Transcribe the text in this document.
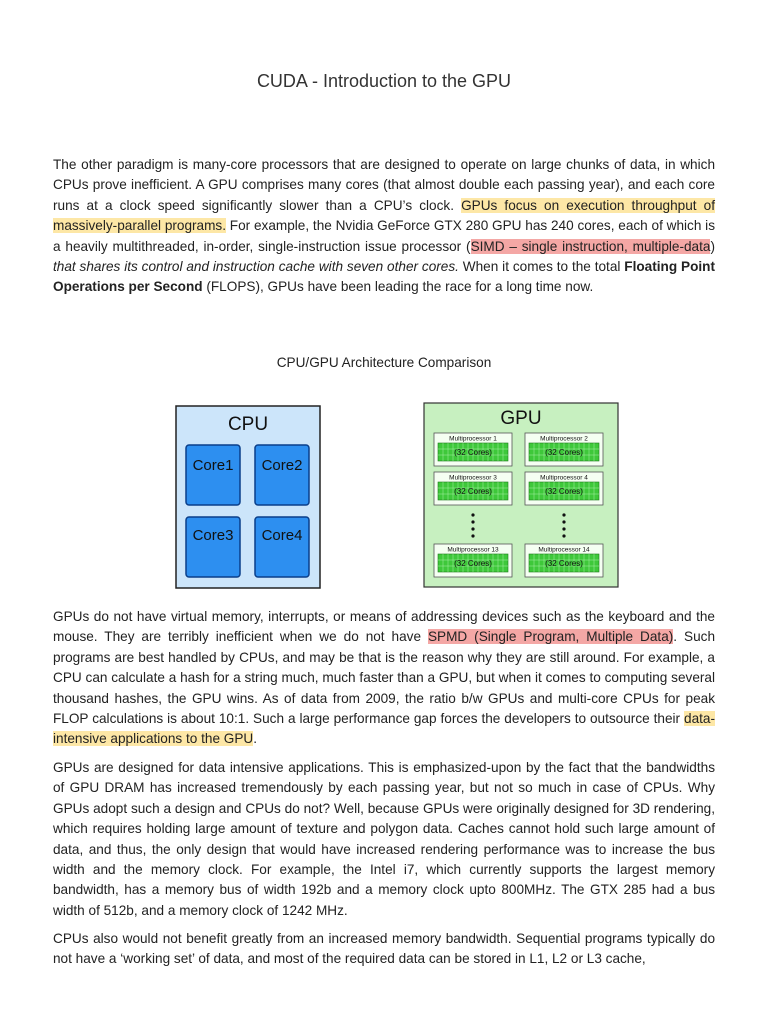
CUDA - Introduction to the GPU

The other paradigm is many-core processors that are designed to operate on large chunks of data, in which CPUs prove inefficient. A GPU comprises many cores (that almost double each passing year), and each core runs at a clock speed significantly slower than a CPU’s clock. GPUs focus on execution throughput of massively-parallel programs. For example, the Nvidia GeForce GTX 280 GPU has 240 cores, each of which is a heavily multithreaded, in-order, single-instruction issue processor (SIMD – single instruction, multiple-data) that shares its control and instruction cache with seven other cores. When it comes to the total Floating Point Operations per Second (FLOPS), GPUs have been leading the race for a long time now.

CPU/GPU Architecture Comparison
CPU
Core1 Core2
Core3 Core4
GPU
Multiprocessor 1
(32 Cores)
Multiprocessor 2
(32 Cores)
Multiprocessor 3
(32 Cores)
Multiprocessor 4
(32 Cores)
Multiprocessor 13
(32 Cores)
Multiprocessor 14
(32 Cores)

GPUs do not have virtual memory, interrupts, or means of addressing devices such as the keyboard and the mouse. They are terribly inefficient when we do not have SPMD (Single Program, Multiple Data). Such programs are best handled by CPUs, and may be that is the reason why they are still around. For example, a CPU can calculate a hash for a string much, much faster than a GPU, but when it comes to computing several thousand hashes, the GPU wins. As of data from 2009, the ratio b/w GPUs and multi-core CPUs for peak FLOP calculations is about 10:1. Such a large performance gap forces the developers to outsource their data-intensive applications to the GPU.

GPUs are designed for data intensive applications. This is emphasized-upon by the fact that the bandwidths of GPU DRAM has increased tremendously by each passing year, but not so much in case of CPUs. Why GPUs adopt such a design and CPUs do not? Well, because GPUs were originally designed for 3D rendering, which requires holding large amount of texture and polygon data. Caches cannot hold such large amount of data, and thus, the only design that would have increased rendering performance was to increase the bus width and the memory clock. For example, the Intel i7, which currently supports the largest memory bandwidth, has a memory bus of width 192b and a memory clock upto 800MHz. The GTX 285 had a bus width of 512b, and a memory clock of 1242 MHz.

CPUs also would not benefit greatly from an increased memory bandwidth. Sequential programs typically do not have a ‘working set’ of data, and most of the required data can be stored in L1, L2 or L3 cache,
